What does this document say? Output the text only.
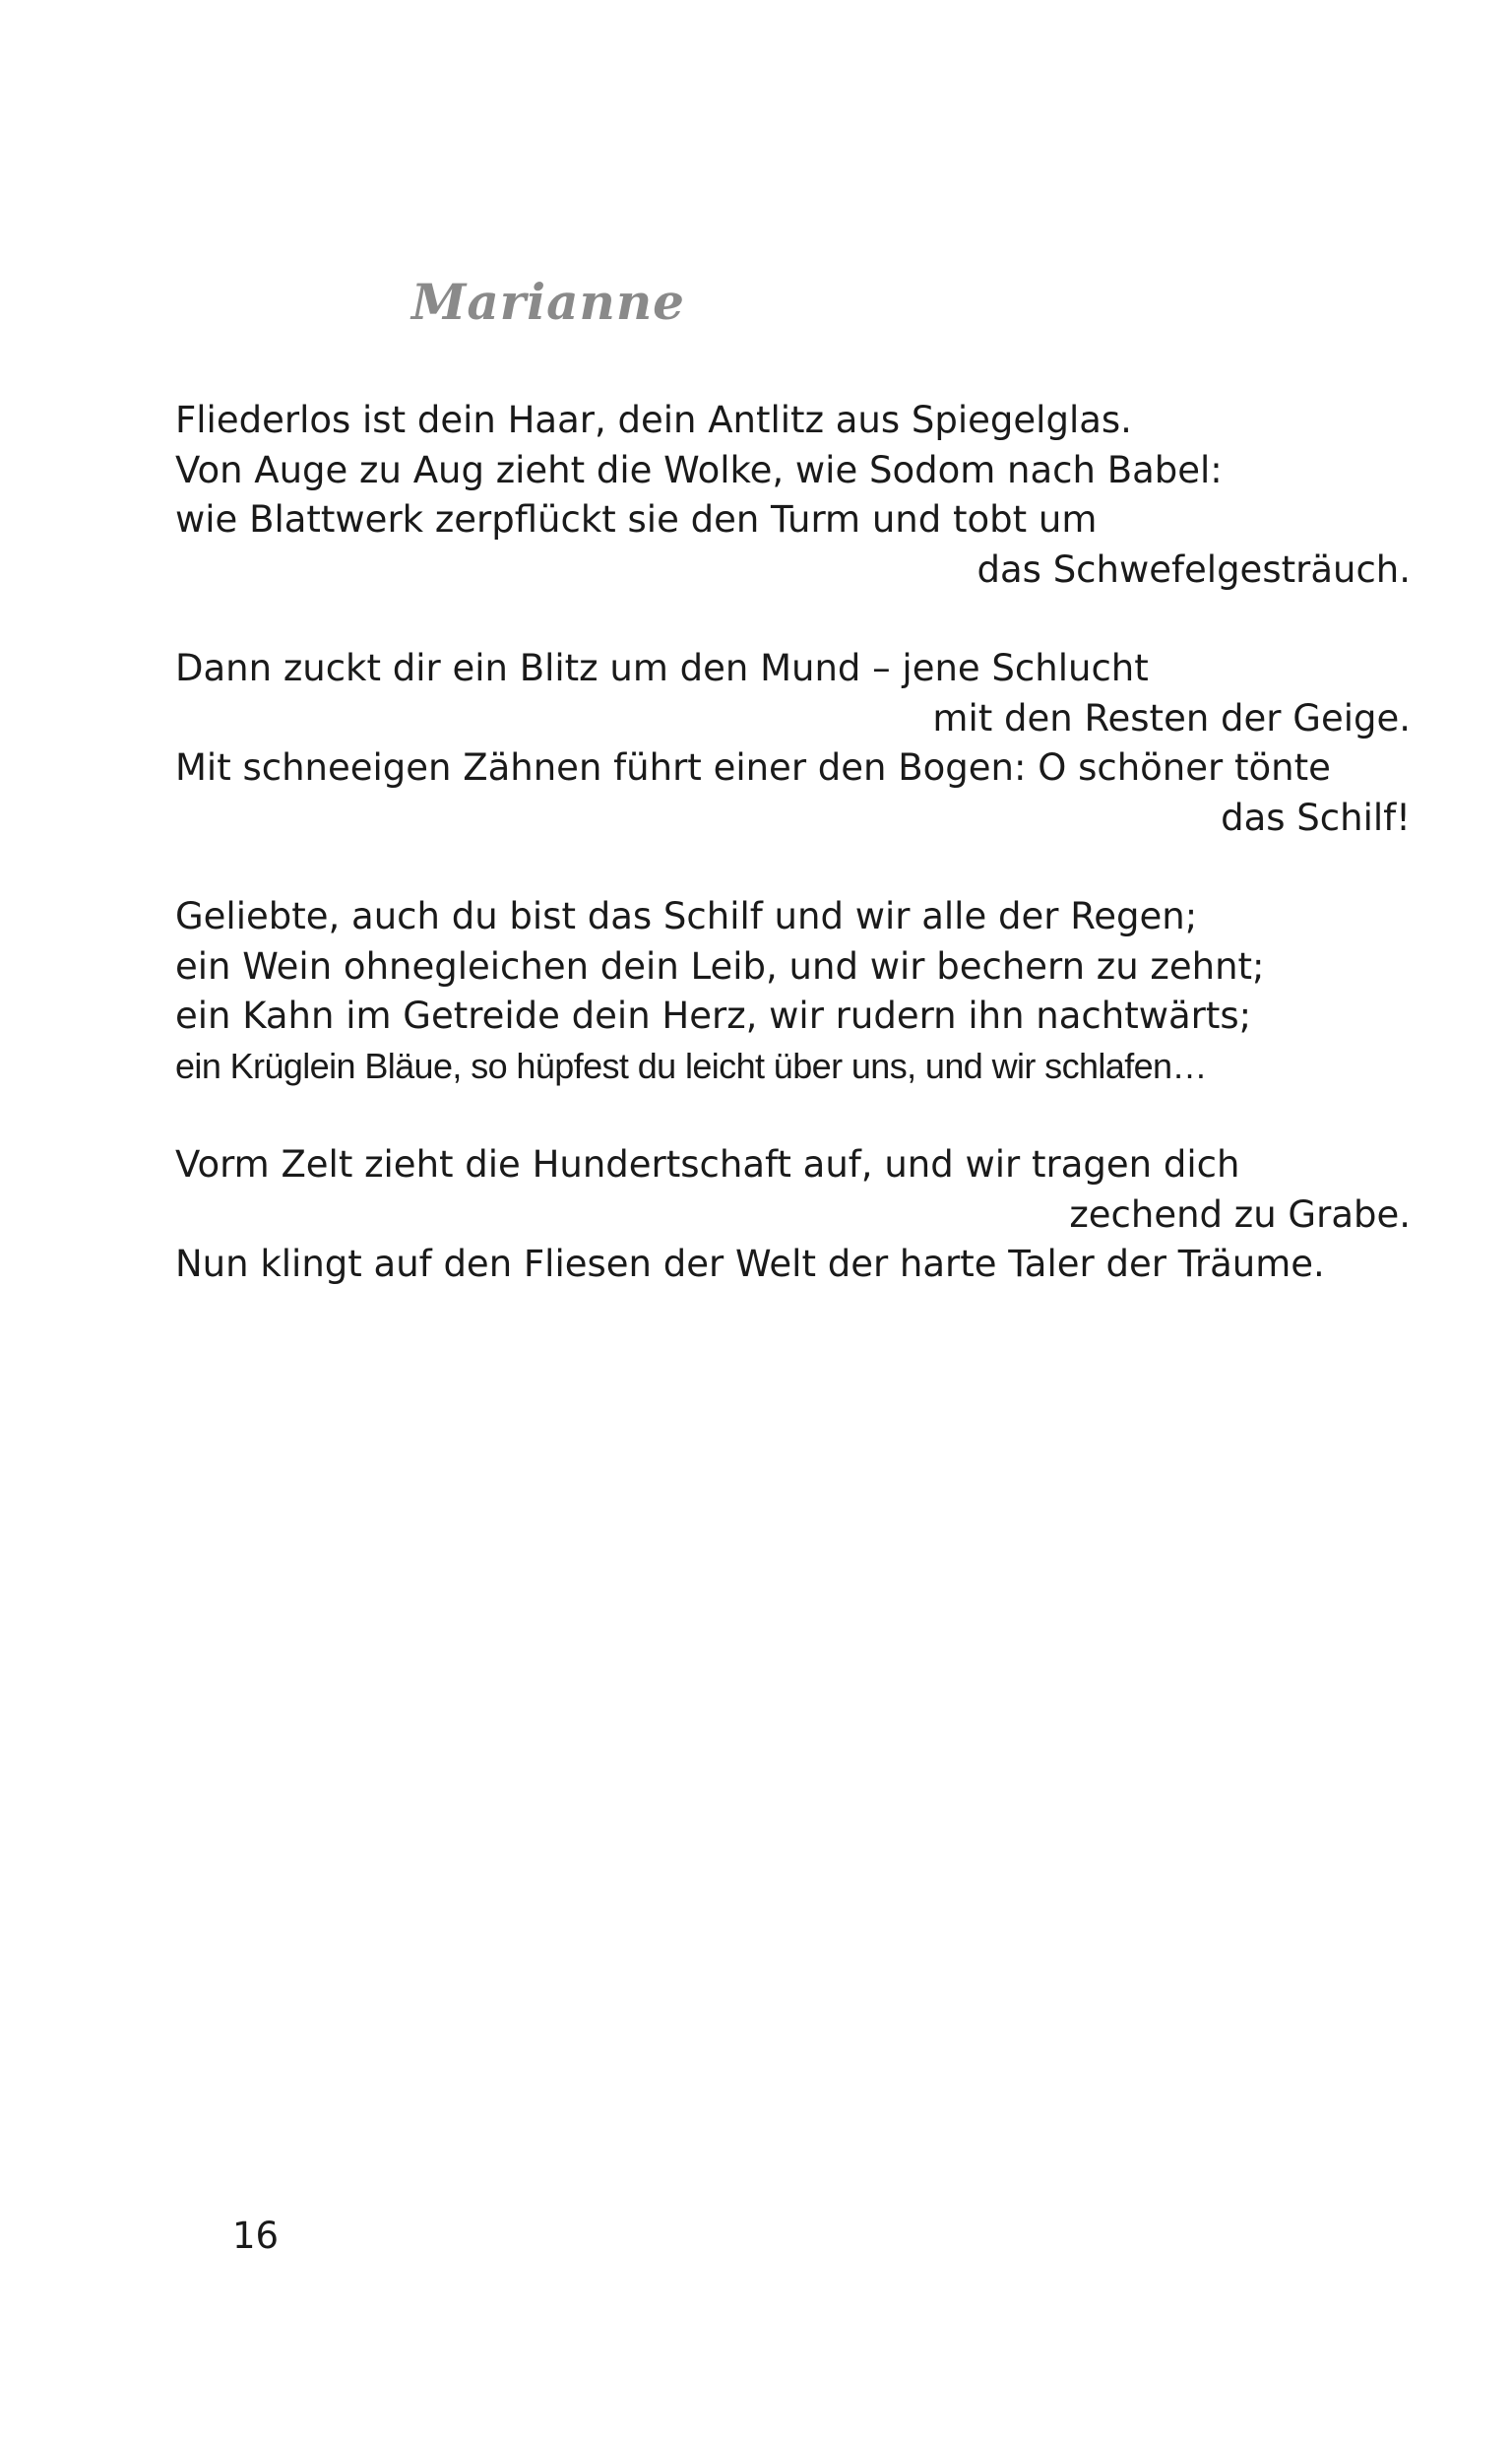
Marianne
Fliederlos ist dein Haar, dein Antlitz aus Spiegelglas.
Von Auge zu Aug zieht die Wolke, wie Sodom nach Babel:
wie Blattwerk zerpflückt sie den Turm und tobt um
das Schwefelgesträuch.
Dann zuckt dir ein Blitz um den Mund – jene Schlucht
mit den Resten der Geige.
Mit schneeigen Zähnen führt einer den Bogen: O schöner tönte
das Schilf!
Geliebte, auch du bist das Schilf und wir alle der Regen;
ein Wein ohnegleichen dein Leib, und wir bechern zu zehnt;
ein Kahn im Getreide dein Herz, wir rudern ihn nachtwärts;
ein Krüglein Bläue, so hüpfest du leicht über uns, und wir schlafen…
Vorm Zelt zieht die Hundertschaft auf, und wir tragen dich
zechend zu Grabe.
Nun klingt auf den Fliesen der Welt der harte Taler der Träume.
16
